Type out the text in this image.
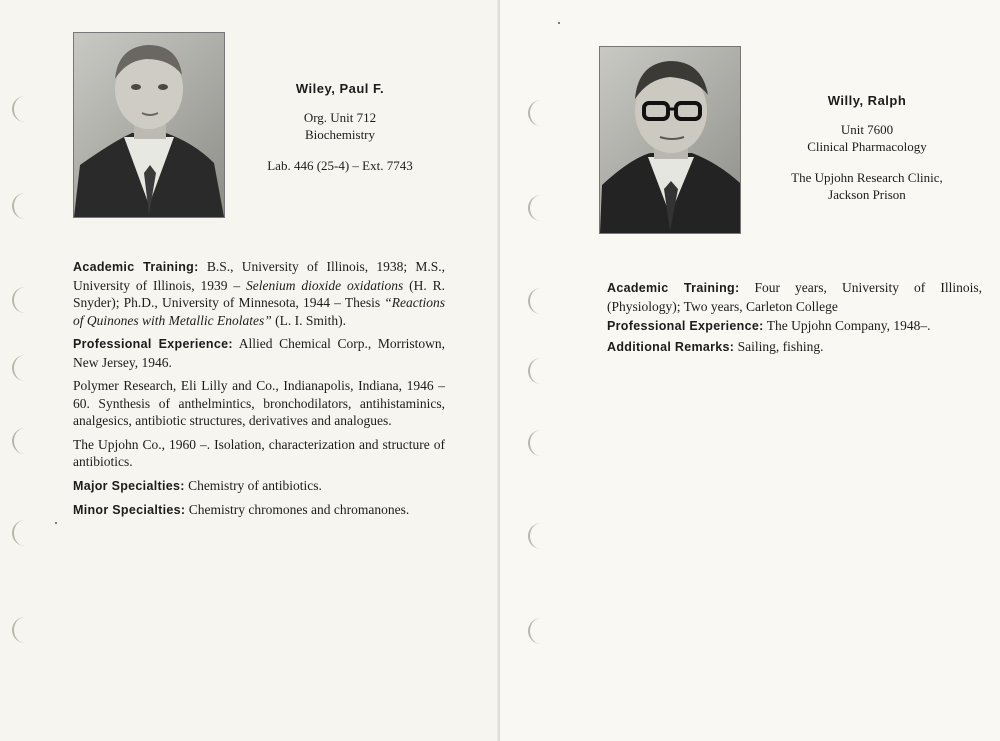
Wiley, Paul F.
Org. Unit 712
Biochemistry
Lab. 446 (25-4) – Ext. 7743

Academic Training: B.S., University of Illinois, 1938; M.S., University of Illinois, 1939 – Selenium dioxide oxidations (H. R. Snyder); Ph.D., University of Minnesota, 1944 – Thesis “Reactions of Quinones with Metallic Enolates” (L. I. Smith).

Professional Experience: Allied Chemical Corp., Morristown, New Jersey, 1946.

Polymer Research, Eli Lilly and Co., Indianapolis, Indiana, 1946 – 60. Synthesis of anthelmintics, bronchodilators, antihistaminics, analgesics, antibiotic structures, derivatives and analogues.

The Upjohn Co., 1960 –. Isolation, characterization and structure of antibiotics.

Major Specialties: Chemistry of antibiotics.

Minor Specialties: Chemistry chromones and chromanones.

Willy, Ralph
Unit 7600
Clinical Pharmacology
The Upjohn Research Clinic,
Jackson Prison

Academic Training: Four years, University of Illinois, (Physiology); Two years, Carleton College

Professional Experience: The Upjohn Company, 1948–.

Additional Remarks: Sailing, fishing.
